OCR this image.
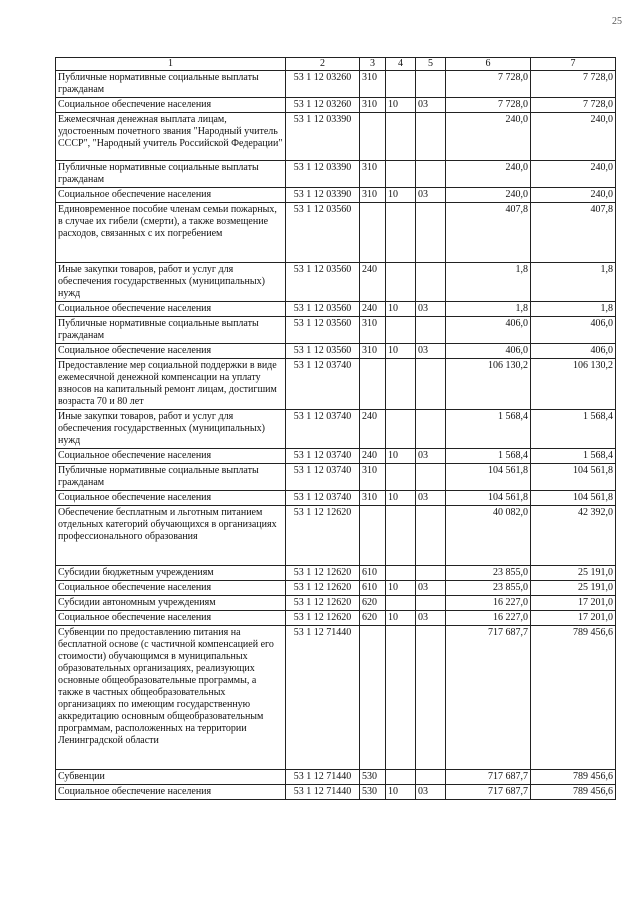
25
1	2	3	4	5	6	7
Публичные нормативные социальные выплаты гражданам	53 1 12 03260	310			7 728,0	7 728,0
Социальное обеспечение населения	53 1 12 03260	310	10	03	7 728,0	7 728,0
Ежемесячная денежная выплата лицам, удостоенным почетного звания "Народный учитель СССР", "Народный учитель Российской Федерации"	53 1 12 03390				240,0	240,0
Публичные нормативные социальные выплаты гражданам	53 1 12 03390	310			240,0	240,0
Социальное обеспечение населения	53 1 12 03390	310	10	03	240,0	240,0
Единовременное пособие членам семьи пожарных, в случае их гибели (смерти), а также возмещение расходов, связанных с их погребением	53 1 12 03560				407,8	407,8
Иные закупки товаров, работ и услуг для обеспечения государственных (муниципальных) нужд	53 1 12 03560	240			1,8	1,8
Социальное обеспечение населения	53 1 12 03560	240	10	03	1,8	1,8
Публичные нормативные социальные выплаты гражданам	53 1 12 03560	310			406,0	406,0
Социальное обеспечение населения	53 1 12 03560	310	10	03	406,0	406,0
Предоставление мер социальной поддержки в виде ежемесячной денежной компенсации на уплату взносов на капитальный ремонт лицам, достигшим возраста 70 и 80 лет	53 1 12 03740				106 130,2	106 130,2
Иные закупки товаров, работ и услуг для обеспечения государственных (муниципальных) нужд	53 1 12 03740	240			1 568,4	1 568,4
Социальное обеспечение населения	53 1 12 03740	240	10	03	1 568,4	1 568,4
Публичные нормативные социальные выплаты гражданам	53 1 12 03740	310			104 561,8	104 561,8
Социальное обеспечение населения	53 1 12 03740	310	10	03	104 561,8	104 561,8
Обеспечение бесплатным и льготным питанием отдельных категорий обучающихся в организациях профессионального образования	53 1 12 12620				40 082,0	42 392,0
Субсидии бюджетным учреждениям	53 1 12 12620	610			23 855,0	25 191,0
Социальное обеспечение населения	53 1 12 12620	610	10	03	23 855,0	25 191,0
Субсидии автономным учреждениям	53 1 12 12620	620			16 227,0	17 201,0
Социальное обеспечение населения	53 1 12 12620	620	10	03	16 227,0	17 201,0
Субвенции по предоставлению питания на бесплатной основе (с частичной компенсацией его стоимости) обучающимся в муниципальных образовательных организациях, реализующих основные общеобразовательные программы, а также в частных общеобразовательных организациях по имеющим государственную аккредитацию основным общеобразовательным программам, расположенных на территории Ленинградской области	53 1 12 71440				717 687,7	789 456,6
Субвенции	53 1 12 71440	530			717 687,7	789 456,6
Социальное обеспечение населения	53 1 12 71440	530	10	03	717 687,7	789 456,6
